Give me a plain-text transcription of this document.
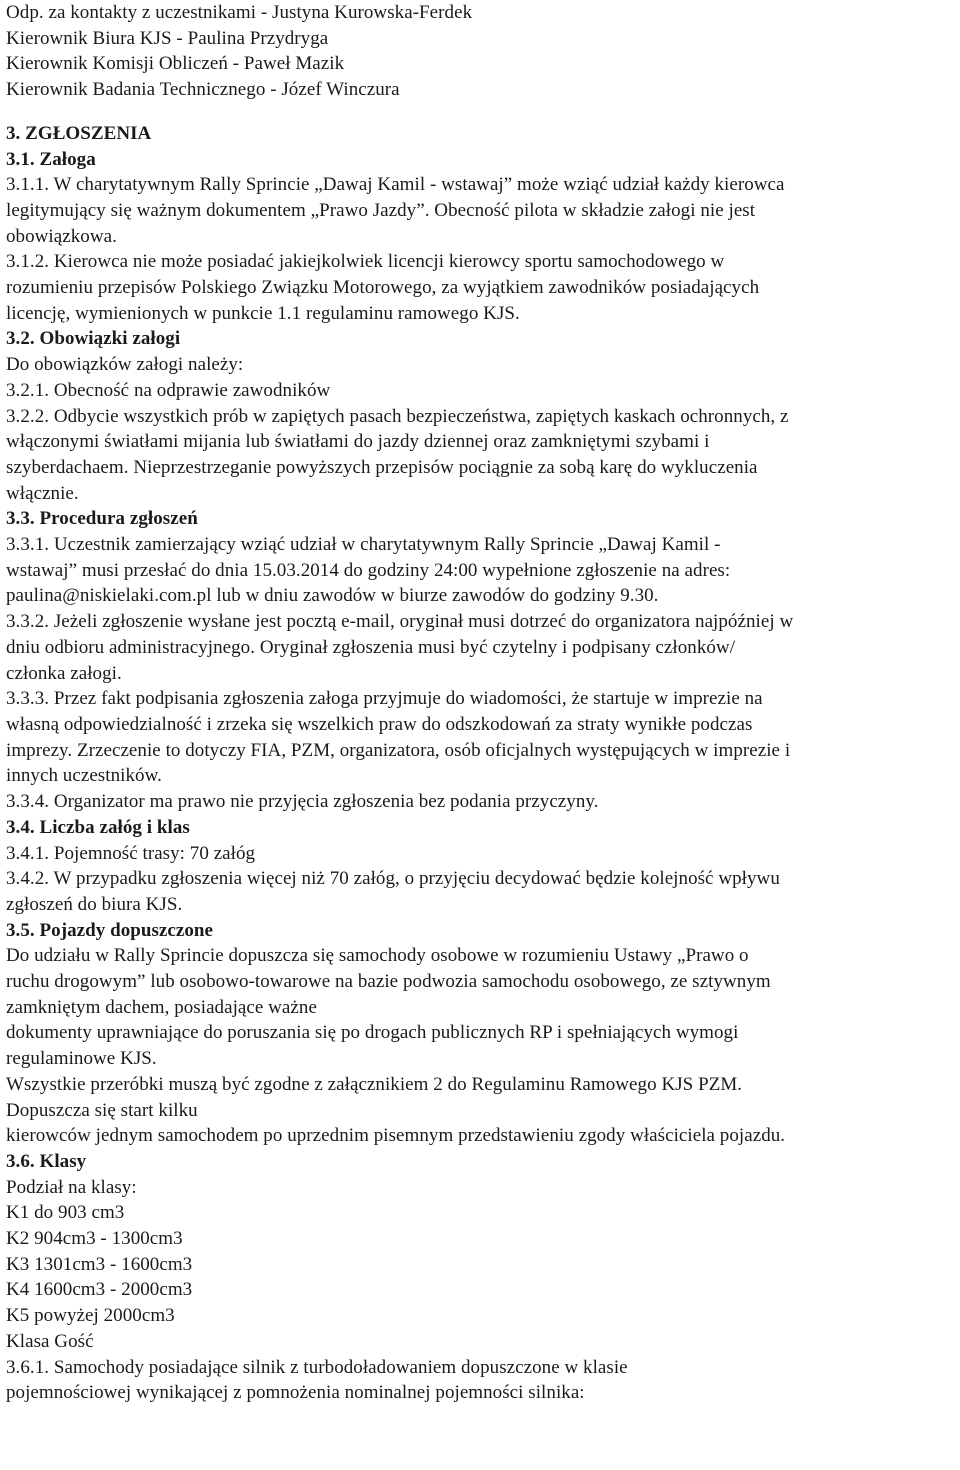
Odp. za kontakty z uczestnikami - Justyna Kurowska-Ferdek
Kierownik Biura KJS - Paulina Przydryga
Kierownik Komisji Obliczeń - Paweł Mazik
Kierownik Badania Technicznego - Józef Winczura
3. ZGŁOSZENIA
3.1. Załoga
3.1.1. W charytatywnym Rally Sprincie „Dawaj Kamil - wstawaj” może wziąć udział każdy kierowca
legitymujący się ważnym dokumentem „Prawo Jazdy”. Obecność pilota w składzie załogi nie jest
obowiązkowa.
3.1.2. Kierowca nie może posiadać jakiejkolwiek licencji kierowcy sportu samochodowego w
rozumieniu przepisów Polskiego Związku Motorowego, za wyjątkiem zawodników posiadających
licencję, wymienionych w punkcie 1.1 regulaminu ramowego KJS.
3.2. Obowiązki załogi
Do obowiązków załogi należy:
3.2.1. Obecność na odprawie zawodników
3.2.2. Odbycie wszystkich prób w zapiętych pasach bezpieczeństwa, zapiętych kaskach ochronnych, z
włączonymi światłami mijania lub światłami do jazdy dziennej oraz zamkniętymi szybami i
szyberdachaem. Nieprzestrzeganie powyższych przepisów pociągnie za sobą karę do wykluczenia
włącznie.
3.3. Procedura zgłoszeń
3.3.1. Uczestnik zamierzający wziąć udział w charytatywnym Rally Sprincie „Dawaj Kamil -
wstawaj” musi przesłać do dnia 15.03.2014 do godziny 24:00 wypełnione zgłoszenie na adres:
paulina@niskielaki.com.pl lub w dniu zawodów w biurze zawodów do godziny 9.30.
3.3.2. Jeżeli zgłoszenie wysłane jest pocztą e-mail, oryginał musi dotrzeć do organizatora najpóźniej w
dniu odbioru administracyjnego. Oryginał zgłoszenia musi być czytelny i podpisany członków/
członka załogi.
3.3.3. Przez fakt podpisania zgłoszenia załoga przyjmuje do wiadomości, że startuje w imprezie na
własną odpowiedzialność i zrzeka się wszelkich praw do odszkodowań za straty wynikłe podczas
imprezy. Zrzeczenie to dotyczy FIA, PZM, organizatora, osób oficjalnych występujących w imprezie i
innych uczestników.
3.3.4. Organizator ma prawo nie przyjęcia zgłoszenia bez podania przyczyny.
3.4. Liczba załóg i klas
3.4.1. Pojemność trasy: 70 załóg
3.4.2. W przypadku zgłoszenia więcej niż 70 załóg, o przyjęciu decydować będzie kolejność wpływu
zgłoszeń do biura KJS.
3.5. Pojazdy dopuszczone
Do udziału w Rally Sprincie dopuszcza się samochody osobowe w rozumieniu Ustawy „Prawo o
ruchu drogowym” lub osobowo-towarowe na bazie podwozia samochodu osobowego, ze sztywnym
zamkniętym dachem, posiadające ważne
dokumenty uprawniające do poruszania się po drogach publicznych RP i spełniających wymogi
regulaminowe KJS.
Wszystkie przeróbki muszą być zgodne z załącznikiem 2 do Regulaminu Ramowego KJS PZM.
Dopuszcza się start kilku
kierowców jednym samochodem po uprzednim pisemnym przedstawieniu zgody właściciela pojazdu.
3.6. Klasy
Podział na klasy:
K1 do 903 cm3
K2 904cm3 - 1300cm3
K3 1301cm3 - 1600cm3
K4 1600cm3 - 2000cm3
K5 powyżej 2000cm3
Klasa Gość
3.6.1. Samochody posiadające silnik z turbodoładowaniem dopuszczone w klasie
pojemnościowej wynikającej z pomnożenia nominalnej pojemności silnika:
